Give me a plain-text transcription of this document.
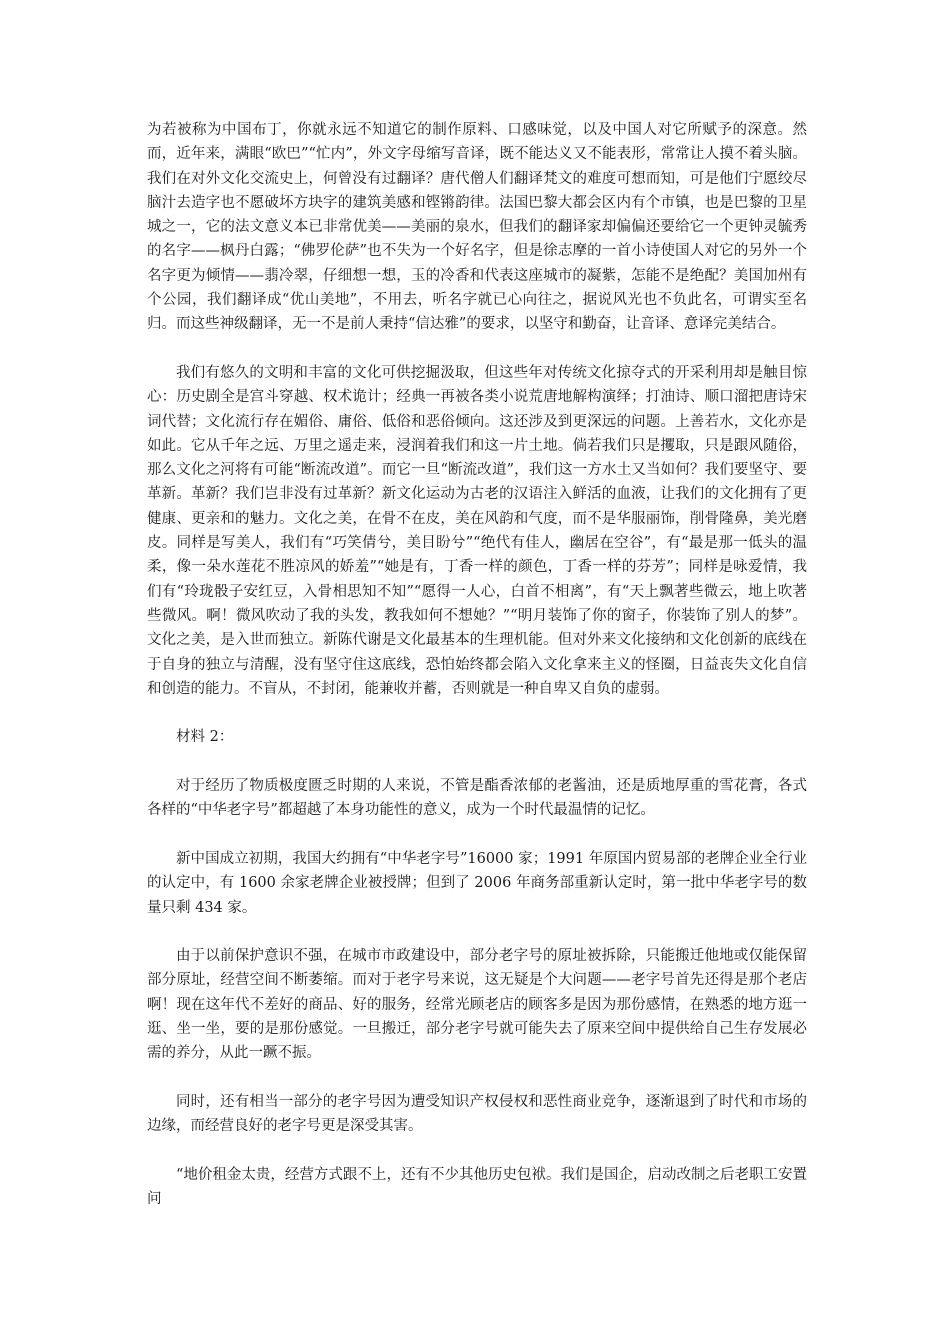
为若被称为中国布丁，你就永远不知道它的制作原料、口感味觉，以及中国人对它所赋予的深意。然而，近年来，满眼“欧巴”“忙内”，外文字母缩写音译，既不能达义又不能表形，常常让人摸不着头脑。我们在对外文化交流史上，何曾没有过翻译？唐代僧人们翻译梵文的难度可想而知，可是他们宁愿绞尽脑汁去造字也不愿破坏方块字的建筑美感和铿锵韵律。法国巴黎大都会区内有个市镇，也是巴黎的卫星城之一，它的法文意义本已非常优美——美丽的泉水，但我们的翻译家却偏偏还要给它一个更钟灵毓秀的名字——枫丹白露；“佛罗伦萨”也不失为一个好名字，但是徐志摩的一首小诗使国人对它的另外一个名字更为倾情——翡冷翠，仔细想一想，玉的冷香和代表这座城市的凝紫，怎能不是绝配？美国加州有个公园，我们翻译成“优山美地”，不用去，听名字就已心向往之，据说风光也不负此名，可谓实至名归。而这些神级翻译，无一不是前人秉持“信达雅”的要求，以坚守和勤奋，让音译、意译完美结合。

我们有悠久的文明和丰富的文化可供挖掘汲取，但这些年对传统文化掠夺式的开采利用却是触目惊心：历史剧全是宫斗穿越、权术诡计；经典一再被各类小说荒唐地解构演绎；打油诗、顺口溜把唐诗宋词代替；文化流行存在媚俗、庸俗、低俗和恶俗倾向。这还涉及到更深远的问题。上善若水，文化亦是如此。它从千年之远、万里之遥走来，浸润着我们和这一片土地。倘若我们只是攫取，只是跟风随俗，那么文化之河将有可能“断流改道”。而它一旦“断流改道”，我们这一方水土又当如何？我们要坚守、要革新。革新？我们岂非没有过革新？新文化运动为古老的汉语注入鲜活的血液，让我们的文化拥有了更健康、更亲和的魅力。文化之美，在骨不在皮，美在风韵和气度，而不是华服丽饰，削骨隆鼻，美光磨皮。同样是写美人，我们有“巧笑倩兮，美目盼兮”“绝代有佳人，幽居在空谷”，有“最是那一低头的温柔，像一朵水莲花不胜凉风的娇羞”“她是有，丁香一样的颜色，丁香一样的芬芳”；同样是咏爱情，我们有“玲珑骰子安红豆，入骨相思知不知”“愿得一人心，白首不相离”，有“天上飘著些微云，地上吹著些微风。啊！微风吹动了我的头发，教我如何不想她？”“明月装饰了你的窗子，你装饰了别人的梦”。文化之美，是入世而独立。新陈代谢是文化最基本的生理机能。但对外来文化接纳和文化创新的底线在于自身的独立与清醒，没有坚守住这底线，恐怕始终都会陷入文化拿来主义的怪圈，日益丧失文化自信和创造的能力。不盲从，不封闭，能兼收并蓄，否则就是一种自卑又自负的虚弱。

材料 2：

对于经历了物质极度匮乏时期的人来说，不管是酯香浓郁的老酱油，还是质地厚重的雪花膏，各式各样的“中华老字号”都超越了本身功能性的意义，成为一个时代最温情的记忆。

新中国成立初期，我国大约拥有“中华老字号”16000 家；1991 年原国内贸易部的老牌企业全行业的认定中，有 1600 余家老牌企业被授牌；但到了 2006 年商务部重新认定时，第一批中华老字号的数量只剩 434 家。

由于以前保护意识不强，在城市市政建设中，部分老字号的原址被拆除，只能搬迁他地或仅能保留部分原址，经营空间不断萎缩。而对于老字号来说，这无疑是个大问题——老字号首先还得是那个老店啊！现在这年代不差好的商品、好的服务，经常光顾老店的顾客多是因为那份感情，在熟悉的地方逛一逛、坐一坐，要的是那份感觉。一旦搬迁，部分老字号就可能失去了原来空间中提供给自己生存发展必需的养分，从此一蹶不振。

同时，还有相当一部分的老字号因为遭受知识产权侵权和恶性商业竞争，逐渐退到了时代和市场的边缘，而经营良好的老字号更是深受其害。

“地价租金太贵，经营方式跟不上，还有不少其他历史包袱。我们是国企，启动改制之后老职工安置问
